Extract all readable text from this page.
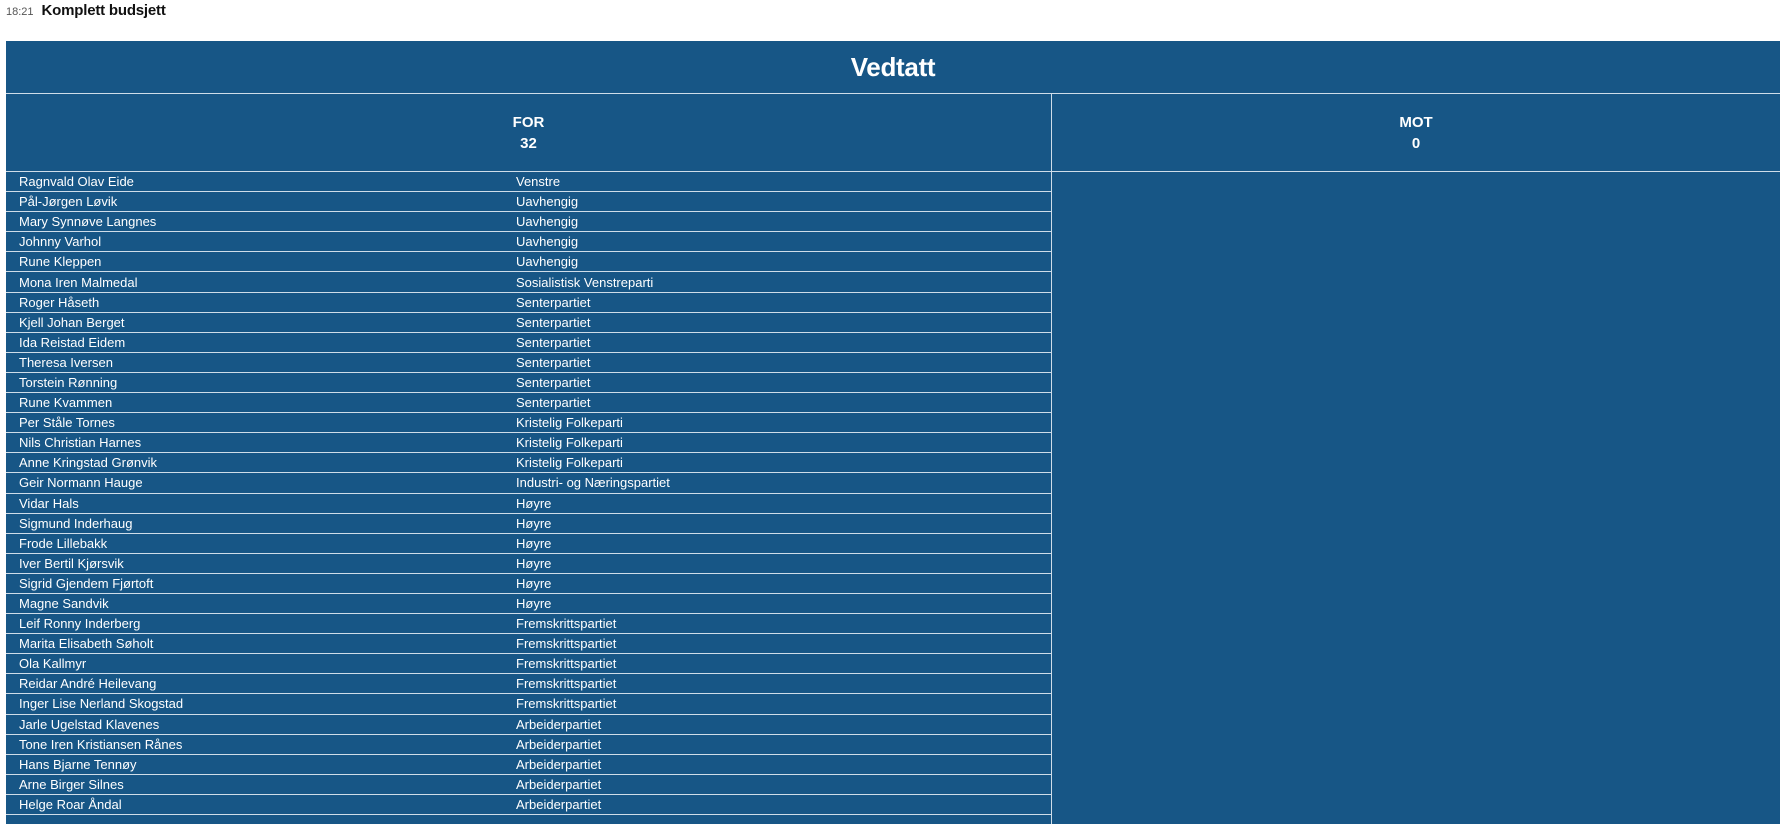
18:21 Komplett budsjett
Vedtatt
FOR
32
Ragnvald Olav Eide	Venstre
Pål-Jørgen Løvik	Uavhengig
Mary Synnøve Langnes	Uavhengig
Johnny Varhol	Uavhengig
Rune Kleppen	Uavhengig
Mona Iren Malmedal	Sosialistisk Venstreparti
Roger Håseth	Senterpartiet
Kjell Johan Berget	Senterpartiet
Ida Reistad Eidem	Senterpartiet
Theresa Iversen	Senterpartiet
Torstein Rønning	Senterpartiet
Rune Kvammen	Senterpartiet
Per Ståle Tornes	Kristelig Folkeparti
Nils Christian Harnes	Kristelig Folkeparti
Anne Kringstad Grønvik	Kristelig Folkeparti
Geir Normann Hauge	Industri- og Næringspartiet
Vidar Hals	Høyre
Sigmund Inderhaug	Høyre
Frode Lillebakk	Høyre
Iver Bertil Kjørsvik	Høyre
Sigrid Gjendem Fjørtoft	Høyre
Magne Sandvik	Høyre
Leif Ronny Inderberg	Fremskrittspartiet
Marita Elisabeth Søholt	Fremskrittspartiet
Ola Kallmyr	Fremskrittspartiet
Reidar André Heilevang	Fremskrittspartiet
Inger Lise Nerland Skogstad	Fremskrittspartiet
Jarle Ugelstad Klavenes	Arbeiderpartiet
Tone Iren Kristiansen Rånes	Arbeiderpartiet
Hans Bjarne Tennøy	Arbeiderpartiet
Arne Birger Silnes	Arbeiderpartiet
Helge Roar Åndal	Arbeiderpartiet
MOT
0
